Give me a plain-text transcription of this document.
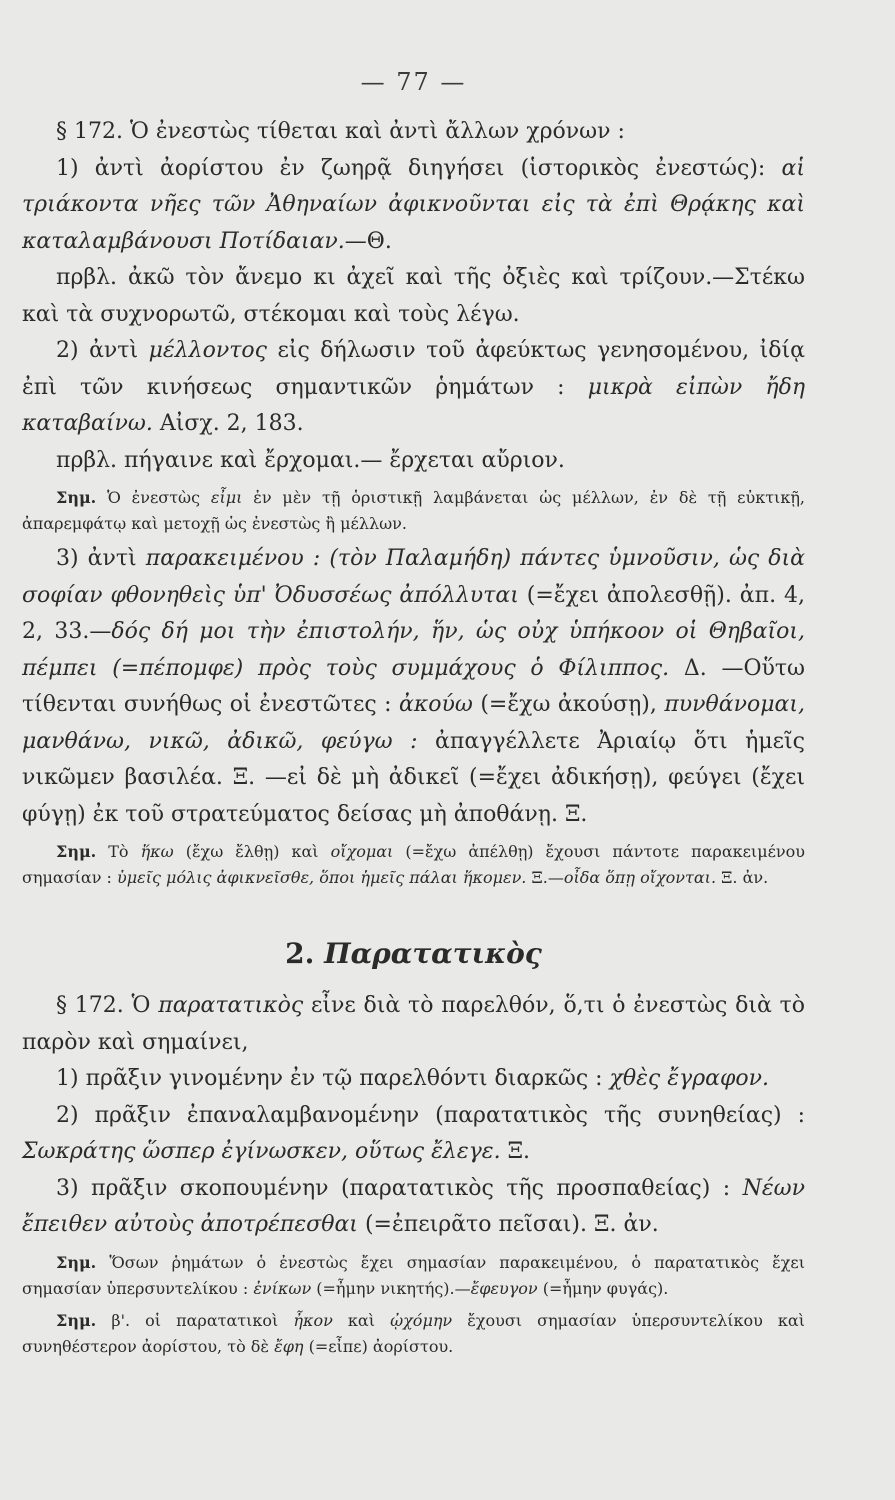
— 77 —

§ 172. Ὁ ἐνεστὼς τίθεται καὶ ἀντὶ ἄλλων χρόνων :

1) ἀντὶ ἀορίστου ἐν ζωηρᾷ διηγήσει (ἱστορικὸς ἐνεστώς): αἱ τριάκοντα νῆες τῶν Ἀθηναίων ἀφικνοῦνται εἰς τὰ ἐπὶ Θρᾴκης καὶ καταλαμβάνουσι Ποτίδαιαν.—Θ.

πρβλ. ἀκῶ τὸν ἄνεμο κι ἀχεῖ καὶ τῆς ὀξιὲς καὶ τρίζουν.—Στέκω καὶ τὰ συχνορωτῶ, στέκομαι καὶ τοὺς λέγω.

2) ἀντὶ μέλλοντος εἰς δήλωσιν τοῦ ἀφεύκτως γενησομένου, ἰδίᾳ ἐπὶ τῶν κινήσεως σημαντικῶν ῥημάτων : μικρὰ εἰπὼν ἤδη καταβαίνω. Αἰσχ. 2, 183.

πρβλ. πήγαινε καὶ ἔρχομαι.— ἔρχεται αὔριον.

Σημ. Ὁ ἐνεστὼς εἶμι ἐν μὲν τῇ ὁριστικῇ λαμβάνεται ὡς μέλλων, ἐν δὲ τῇ εὐκτικῇ, ἀπαρεμφάτῳ καὶ μετοχῇ ὡς ἐνεστὼς ἢ μέλλων.

3) ἀντὶ παρακειμένου : (τὸν Παλαμήδη) πάντες ὑμνοῦσιν, ὡς διὰ σοφίαν φθονηθεὶς ὑπ' Ὀδυσσέως ἀπόλλυται (=ἔχει ἀπολεσθῇ). ἀπ. 4, 2, 33.—δός δή μοι τὴν ἐπιστολήν, ἥν, ὡς οὐχ ὑπήκοον οἱ Θηβαῖοι, πέμπει (=πέπομφε) πρὸς τοὺς συμμάχους ὁ Φίλιππος. Δ. —Οὕτω τίθενται συνήθως οἱ ἐνεστῶτες : ἀκούω (=ἔχω ἀκούσῃ), πυνθάνομαι, μανθάνω, νικῶ, ἀδικῶ, φεύγω : ἀπαγγέλλετε Ἀριαίῳ ὅτι ἡμεῖς νικῶμεν βασιλέα. Ξ. —εἰ δὲ μὴ ἀδικεῖ (=ἔχει ἀδικήσῃ), φεύγει (ἔχει φύγῃ) ἐκ τοῦ στρατεύματος δείσας μὴ ἀποθάνῃ. Ξ.

Σημ. Τὸ ἥκω (ἔχω ἔλθῃ) καὶ οἴχομαι (=ἔχω ἀπέλθῃ) ἔχουσι πάντοτε παρακειμένου σημασίαν : ὑμεῖς μόλις ἀφικνεῖσθε, ὅποι ἡμεῖς πάλαι ἥκομεν. Ξ.—οἶδα ὅπῃ οἴχονται. Ξ. ἀν.

2. Παρατατικὸς

§ 172. Ὁ παρατατικὸς εἶνε διὰ τὸ παρελθόν, ὅ,τι ὁ ἐνεστὼς διὰ τὸ παρὸν καὶ σημαίνει,

1) πρᾶξιν γινομένην ἐν τῷ παρελθόντι διαρκῶς : χθὲς ἔγραφον.

2) πρᾶξιν ἐπαναλαμβανομένην (παρατατικὸς τῆς συνηθείας) : Σωκράτης ὥσπερ ἐγίνωσκεν, οὕτως ἔλεγε. Ξ.

3) πρᾶξιν σκοπουμένην (παρατατικὸς τῆς προσπαθείας) : Νέων ἔπειθεν αὐτοὺς ἀποτρέπεσθαι (=ἐπειρᾶτο πεῖσαι). Ξ. ἀν.

Σημ. Ὅσων ῥημάτων ὁ ἐνεστὼς ἔχει σημασίαν παρακειμένου, ὁ παρατατικὸς ἔχει σημασίαν ὑπερσυντελίκου : ἐνίκων (=ἦμην νικητής).—ἔφευγον (=ἦμην φυγάς).

Σημ. β'. οἱ παρατατικοὶ ἦκον καὶ ᾠχόμην ἔχουσι σημασίαν ὑπερσυντελίκου καὶ συνηθέστερον ἀορίστου, τὸ δὲ ἔφη (=εἶπε) ἀορίστου.
